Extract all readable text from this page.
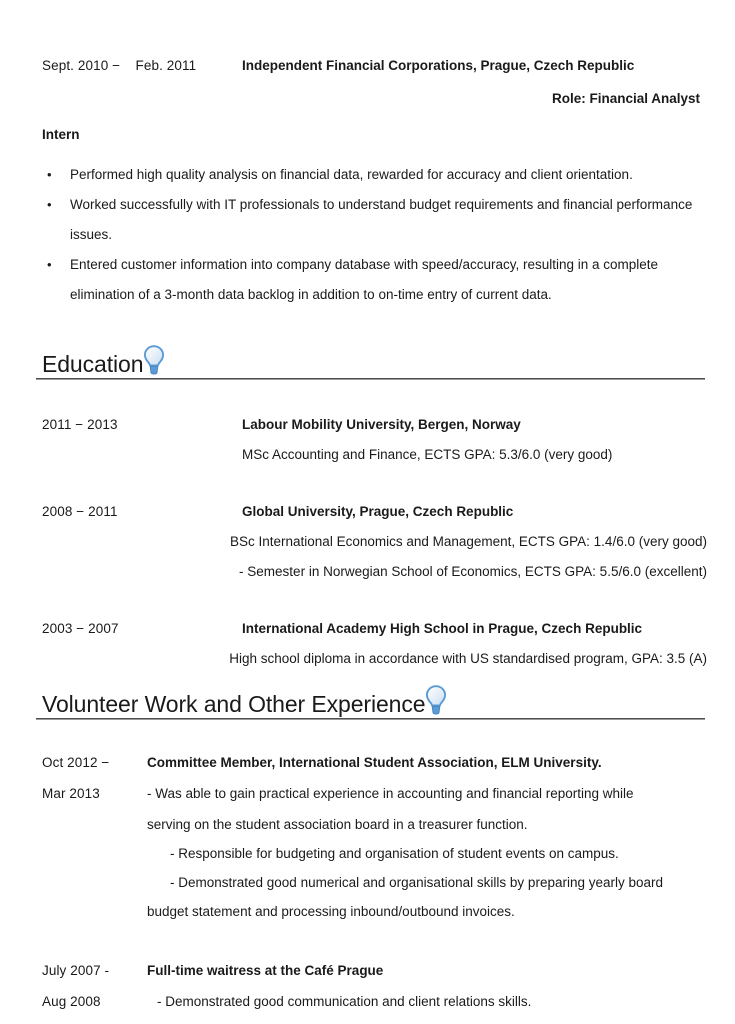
Sept. 2010 − Feb. 2011	Independent Financial Corporations, Prague, Czech Republic
Role: Financial Analyst
Intern
• Performed high quality analysis on financial data, rewarded for accuracy and client orientation.
• Worked successfully with IT professionals to understand budget requirements and financial performance issues.
• Entered customer information into company database with speed/accuracy, resulting in a complete elimination of a 3-month data backlog in addition to on-time entry of current data.
Education
2011 − 2013	Labour Mobility University, Bergen, Norway
MSc Accounting and Finance, ECTS GPA: 5.3/6.0 (very good)
2008 − 2011	Global University, Prague, Czech Republic
BSc International Economics and Management, ECTS GPA: 1.4/6.0 (very good)
- Semester in Norwegian School of Economics, ECTS GPA: 5.5/6.0 (excellent)
2003 − 2007	International Academy High School in Prague, Czech Republic
High school diploma in accordance with US standardised program, GPA: 3.5 (A)
Volunteer Work and Other Experience
Oct 2012 −	Committee Member, International Student Association, ELM University.
Mar 2013	- Was able to gain practical experience in accounting and financial reporting while
serving on the student association board in a treasurer function.
- Responsible for budgeting and organisation of student events on campus.
- Demonstrated good numerical and organisational skills by preparing yearly board
budget statement and processing inbound/outbound invoices.
July 2007 -	Full-time waitress at the Café Prague
Aug 2008	- Demonstrated good communication and client relations skills.
